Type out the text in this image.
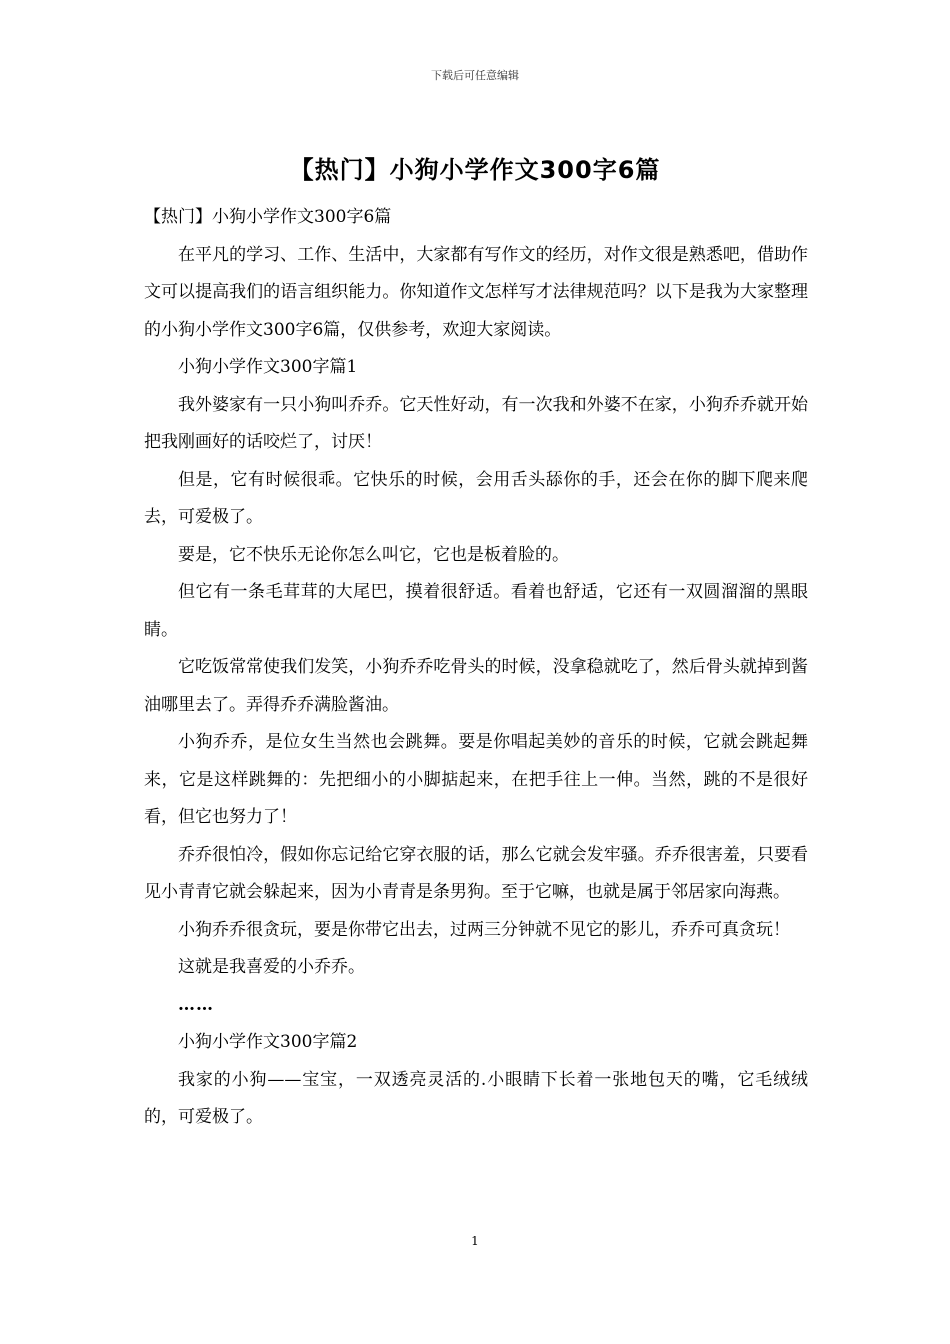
下载后可任意编辑
【热门】小狗小学作文300字6篇

【热门】小狗小学作文300字6篇

在平凡的学习、工作、生活中，大家都有写作文的经历，对作文很是熟悉吧，借助作文可以提高我们的语言组织能力。你知道作文怎样写才法律规范吗？以下是我为大家整理的小狗小学作文300字6篇，仅供参考，欢迎大家阅读。

小狗小学作文300字篇1

我外婆家有一只小狗叫乔乔。它天性好动，有一次我和外婆不在家，小狗乔乔就开始把我刚画好的话咬烂了，讨厌！

但是，它有时候很乖。它快乐的时候，会用舌头舔你的手，还会在你的脚下爬来爬去，可爱极了。

要是，它不快乐无论你怎么叫它，它也是板着脸的。

但它有一条毛茸茸的大尾巴，摸着很舒适。看着也舒适，它还有一双圆溜溜的黑眼睛。

它吃饭常常使我们发笑，小狗乔乔吃骨头的时候，没拿稳就吃了，然后骨头就掉到酱油哪里去了。弄得乔乔满脸酱油。

小狗乔乔，是位女生当然也会跳舞。要是你唱起美妙的音乐的时候，它就会跳起舞来，它是这样跳舞的：先把细小的小脚掂起来，在把手往上一伸。当然，跳的不是很好看，但它也努力了！

乔乔很怕冷，假如你忘记给它穿衣服的话，那么它就会发牢骚。乔乔很害羞，只要看见小青青它就会躲起来，因为小青青是条男狗。至于它嘛，也就是属于邻居家向海燕。

小狗乔乔很贪玩，要是你带它出去，过两三分钟就不见它的影儿，乔乔可真贪玩！

这就是我喜爱的小乔乔。

……

小狗小学作文300字篇2

我家的小狗——宝宝，一双透亮灵活的.小眼睛下长着一张地包天的嘴，它毛绒绒的，可爱极了。

1
